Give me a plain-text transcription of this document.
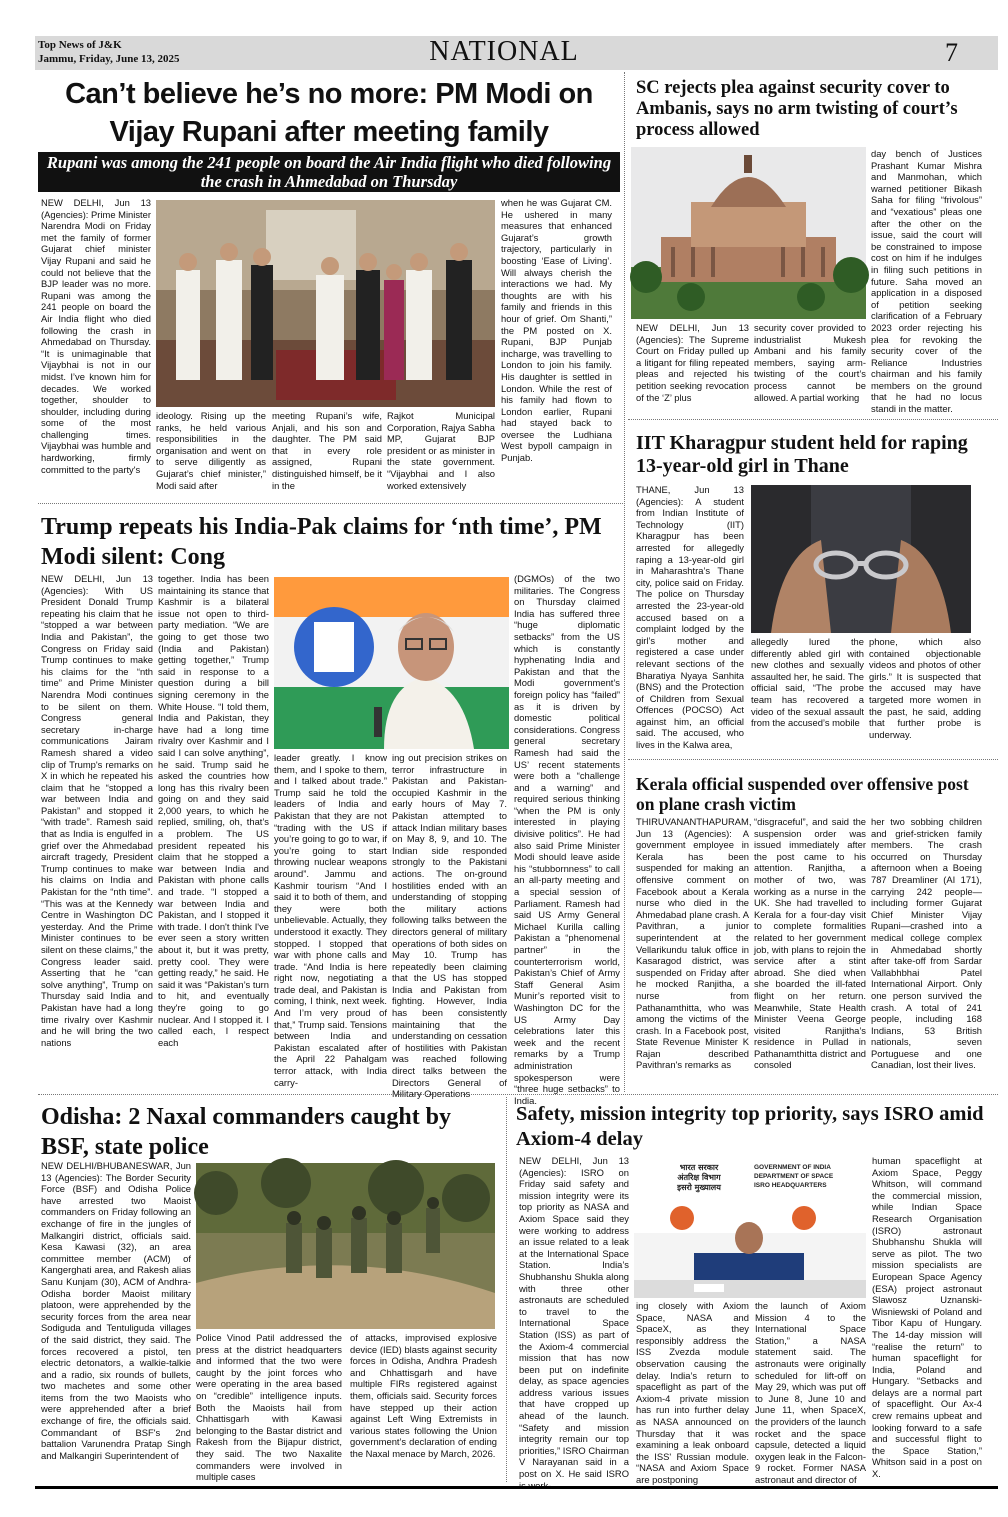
Top News of J&K
Jammu, Friday, June 13, 2025	NATIONAL	7
Can’t believe he’s no more: PM Modi on Vijay Rupani after meeting family
Rupani was among the 241 people on board the Air India flight who died following the crash in Ahmedabad on Thursday
NEW DELHI, Jun 13 (Agencies): Prime Minister Narendra Modi on Friday met the family of former Gujarat chief minister Vijay Rupani and said he could not believe that the BJP leader was no more. Rupani was among the 241 people on board the Air India flight who died following the crash in Ahmedabad on Thursday. “It is unimaginable that Vijaybhai is not in our midst. I’ve known him for decades. We worked together, shoulder to shoulder, including during some of the most challenging times. Vijaybhai was humble and hardworking, firmly committed to the party's
ideology. Rising up the ranks, he held various responsibilities in the organisation and went on to serve diligently as Gujarat’s chief minister,” Modi said after
meeting Rupani’s wife, Anjali, and his son and daughter. The PM said that in every role assigned, Rupani distinguished himself, be it in the
Rajkot Municipal Corporation, Rajya Sabha MP, Gujarat BJP president or as minister in the state government. “Vijaybhai and I also worked extensively
when he was Gujarat CM. He ushered in many measures that enhanced Gujarat’s growth trajectory, particularly in boosting ‘Ease of Living’. Will always cherish the interactions we had. My thoughts are with his family and friends in this hour of grief. Om Shanti,” the PM posted on X. Rupani, BJP Punjab incharge, was travelling to London to join his family. His daughter is settled in London. While the rest of his family had flown to London earlier, Rupani had stayed back to oversee the Ludhiana West bypoll campaign in Punjab.
SC rejects plea against security cover to Ambanis, says no arm twisting of court’s process allowed
NEW DELHI, Jun 13 (Agencies): The Supreme Court on Friday pulled up a litigant for filing repeated pleas and rejected his petition seeking revocation of the ‘Z’ plus
security cover provided to industrialist Mukesh Ambani and his family members, saying arm-twisting of the court’s process cannot be allowed. A partial working
day bench of Justices Prashant Kumar Mishra and Manmohan, which warned petitioner Bikash Saha for filing “frivolous” and “vexatious” pleas one after the other on the issue, said the court will be constrained to impose cost on him if he indulges in filing such petitions in future. Saha moved an application in a disposed of petition seeking clarification of a February 2023 order rejecting his plea for revoking the security cover of the Reliance Industries chairman and his family members on the ground that he had no locus standi in the matter.
IIT Kharagpur student held for raping 13-year-old girl in Thane
THANE, Jun 13 (Agencies): A student from Indian Institute of Technology (IIT) Kharagpur has been arrested for allegedly raping a 13-year-old girl in Maharashtra’s Thane city, police said on Friday. The police on Thursday arrested the 23-year-old accused based on a complaint lodged by the girl’s mother and registered a case under relevant sections of the Bharatiya Nyaya Sanhita (BNS) and the Protection of Children from Sexual Offences (POCSO) Act against him, an official said. The accused, who lives in the Kalwa area,
allegedly lured the differently abled girl with new clothes and sexually assaulted her, he said. The official said, “The probe team has recovered a video of the sexual assault from the accused’s mobile
phone, which also contained objectionable videos and photos of other girls.” It is suspected that the accused may have targeted more women in the past, he said, adding that further probe is underway.
Trump repeats his India-Pak claims for ‘nth time’, PM Modi silent: Cong
NEW DELHI, Jun 13 (Agencies): With US President Donald Trump repeating his claim that he “stopped a war between India and Pakistan”, the Congress on Friday said Trump continues to make his claims for the “nth time” and Prime Minister Narendra Modi continues to be silent on them. Congress general secretary in-charge communications Jairam Ramesh shared a video clip of Trump's remarks on X in which he repeated his claim that he “stopped a war between India and Pakistan” and stopped it “with trade”. Ramesh said that as India is engulfed in grief over the Ahmedabad aircraft tragedy, President Trump continues to make his claims on India and Pakistan for the “nth time”. “This was at the Kennedy Centre in Washington DC yesterday. And the Prime Minister continues to be silent on these claims,” the Congress leader said. Asserting that he “can solve anything”, Trump on Thursday said India and Pakistan have had a long time rivalry over Kashmir and he will bring the two nations
together. India has been maintaining its stance that Kashmir is a bilateral issue not open to third-party mediation. “We are going to get those two (India and Pakistan) getting together,” Trump said in response to a question during a bill signing ceremony in the White House. “I told them, India and Pakistan, they have had a long time rivalry over Kashmir and I said I can solve anything”, he said. Trump said he asked the countries how long has this rivalry been going on and they said 2,000 years, to which he replied, smiling, oh, that’s a problem. The US president repeated his claim that he stopped a war between India and Pakistan with phone calls and trade. “I stopped a war between India and Pakistan, and I stopped it with trade. I don't think I've ever seen a story written about it, but it was pretty, pretty cool. They were getting ready,” he said. He said it was “Pakistan’s turn to hit, and eventually they're going to go nuclear. And I stopped it. I called each, I respect each
leader greatly. I know them, and I spoke to them, and I talked about trade.” Trump said he told the leaders of India and Pakistan that they are not “trading with the US if you’re going to go to war, if you’re going to start throwing nuclear weapons around”. Jammu and Kashmir tourism “And I said it to both of them, and they were both unbelievable. Actually, they understood it exactly. They stopped. I stopped that war with phone calls and trade. “And India is here right now, negotiating a trade deal, and Pakistan is coming, I think, next week. And I’m very proud of that,” Trump said. Tensions between India and Pakistan escalated after the April 22 Pahalgam terror attack, with India carry-
ing out precision strikes on terror infrastructure in Pakistan and Pakistan-occupied Kashmir in the early hours of May 7. Pakistan attempted to attack Indian military bases on May 8, 9, and 10. The Indian side responded strongly to the Pakistani actions. The on-ground hostilities ended with an understanding of stopping the military actions following talks between the directors general of military operations of both sides on May 10. Trump has repeatedly been claiming that the US has stopped India and Pakistan from fighting. However, India has been consistently maintaining that the understanding on cessation of hostilities with Pakistan was reached following direct talks between the Directors General of Military Operations
(DGMOs) of the two militaries. The Congress on Thursday claimed India has suffered three “huge diplomatic setbacks” from the US which is constantly hyphenating India and Pakistan and that the Modi government’s foreign policy has “failed” as it is driven by domestic political considerations. Congress general secretary Ramesh had said the US’ recent statements were both a “challenge and a warning” and required serious thinking “when the PM is only interested in playing divisive politics”. He had also said Prime Minister Modi should leave aside his “stubbornness” to call an all-party meeting and a special session of Parliament. Ramesh had said US Army General Michael Kurilla calling Pakistan a “phenomenal partner” in the counterterrorism world, Pakistan’s Chief of Army Staff General Asim Munir’s reported visit to Washington DC for the US Army Day celebrations later this week and the recent remarks by a Trump administration spokesperson were “three huge setbacks” to India.
Kerala official suspended over offensive post on plane crash victim
THIRUVANANTHAPURAM, Jun 13 (Agencies): A government employee in Kerala has been suspended for making an offensive comment on Facebook about a Kerala nurse who died in the Ahmedabad plane crash. A Pavithran, a junior superintendent at the Vellarikundu taluk office in Kasaragod district, was suspended on Friday after he mocked Ranjitha, a nurse from Pathanamthitta, who was among the victims of the crash. In a Facebook post, State Revenue Minister K Rajan described Pavithran's remarks as
“disgraceful”, and said the suspension order was issued immediately after the post came to his attention. Ranjitha, a mother of two, was working as a nurse in the UK. She had travelled to Kerala for a four-day visit to complete formalities related to her government job, with plans to rejoin the service after a stint abroad. She died when she boarded the ill-fated flight on her return. Meanwhile, State Health Minister Veena George visited Ranjitha’s residence in Pullad in Pathanamthitta district and consoled
her two sobbing children and grief-stricken family members. The crash occurred on Thursday afternoon when a Boeing 787 Dreamliner (AI 171), carrying 242 people—including former Gujarat Chief Minister Vijay Rupani—crashed into a medical college complex in Ahmedabad shortly after take-off from Sardar Vallabhbhai Patel International Airport. Only one person survived the crash. A total of 241 people, including 168 Indians, 53 British nationals, seven Portuguese and one Canadian, lost their lives.
Odisha: 2 Naxal commanders caught by BSF, state police
NEW DELHI/BHUBANESWAR, Jun 13 (Agencies): The Border Security Force (BSF) and Odisha Police have arrested two Maoist commanders on Friday following an exchange of fire in the jungles of Malkangiri district, officials said. Kesa Kawasi (32), an area committee member (ACM) of Kangerghati area, and Rakesh alias Sanu Kunjam (30), ACM of Andhra-Odisha border Maoist military platoon, were apprehended by the security forces from the area near Sodiguda and Tentuliguda villages of the said district, they said. The forces recovered a pistol, ten electric detonators, a walkie-talkie and a radio, six rounds of bullets, two machetes and some other items from the two Maoists who were apprehended after a brief exchange of fire, the officials said. Commandant of BSF's 2nd battalion Varunendra Pratap Singh and Malkangiri Superintendent of
Police Vinod Patil addressed the press at the district headquarters and informed that the two were caught by the joint forces who were operating in the area based on “credible” intelligence inputs. Both the Maoists hail from Chhattisgarh with Kawasi belonging to the Bastar district and Rakesh from the Bijapur district, they said. The two Naxalite commanders were involved in multiple cases
of attacks, improvised explosive device (IED) blasts against security forces in Odisha, Andhra Pradesh and Chhattisgarh and have multiple FIRs registered against them, officials said. Security forces have stepped up their action against Left Wing Extremists in various states following the Union government’s declaration of ending the Naxal menace by March, 2026.
Safety, mission integrity top priority, says ISRO amid Axiom-4 delay
NEW DELHI, Jun 13 (Agencies): ISRO on Friday said safety and mission integrity were its top priority as NASA and Axiom Space said they were working to address an issue related to a leak at the International Space Station. India’s Shubhanshu Shukla along with three other astronauts are scheduled to travel to the International Space Station (ISS) as part of the Axiom-4 commercial mission that has now been put on indefinite delay, as space agencies address various issues that have cropped up ahead of the launch. “Safety and mission integrity remain our top priorities,” ISRO Chairman V Narayanan said in a post on X. He said ISRO
भारत सरकार
अंतरिक्ष विभाग
इसरो मुख्यालय
GOVERNMENT OF INDIA
DEPARTMENT OF SPACE
ISRO HEADQUARTERS
ing closely with Axiom Space, NASA and SpaceX, as they responsibly address the ISS Zvezda module observation causing the delay. India’s return to spaceflight as part of the Axiom-4 private mission has run into further delay as NASA announced on Thursday that it was examining a leak onboard the ISS' Russian module. “NASA and Axiom Space are postponing
the launch of Axiom Mission 4 to the International Space Station,” a NASA statement said. The astronauts were originally scheduled for lift-off on May 29, which was put off to June 8, June 10 and June 11, when SpaceX, the providers of the launch rocket and the space capsule, detected a liquid oxygen leak in the Falcon-9 rocket. Former NASA astronaut and director of
human spaceflight at Axiom Space, Peggy Whitson, will command the commercial mission, while Indian Space Research Organisation (ISRO) astronaut Shubhanshu Shukla will serve as pilot. The two mission specialists are European Space Agency (ESA) project astronaut Slawosz Uznanski-Wisniewski of Poland and Tibor Kapu of Hungary. The 14-day mission will “realise the return” to human spaceflight for India, Poland and Hungary. “Setbacks and delays are a normal part of spaceflight. Our Ax-4 crew remains upbeat and looking forward to a safe and successful flight to the Space Station,” Whitson said in a post on X.
